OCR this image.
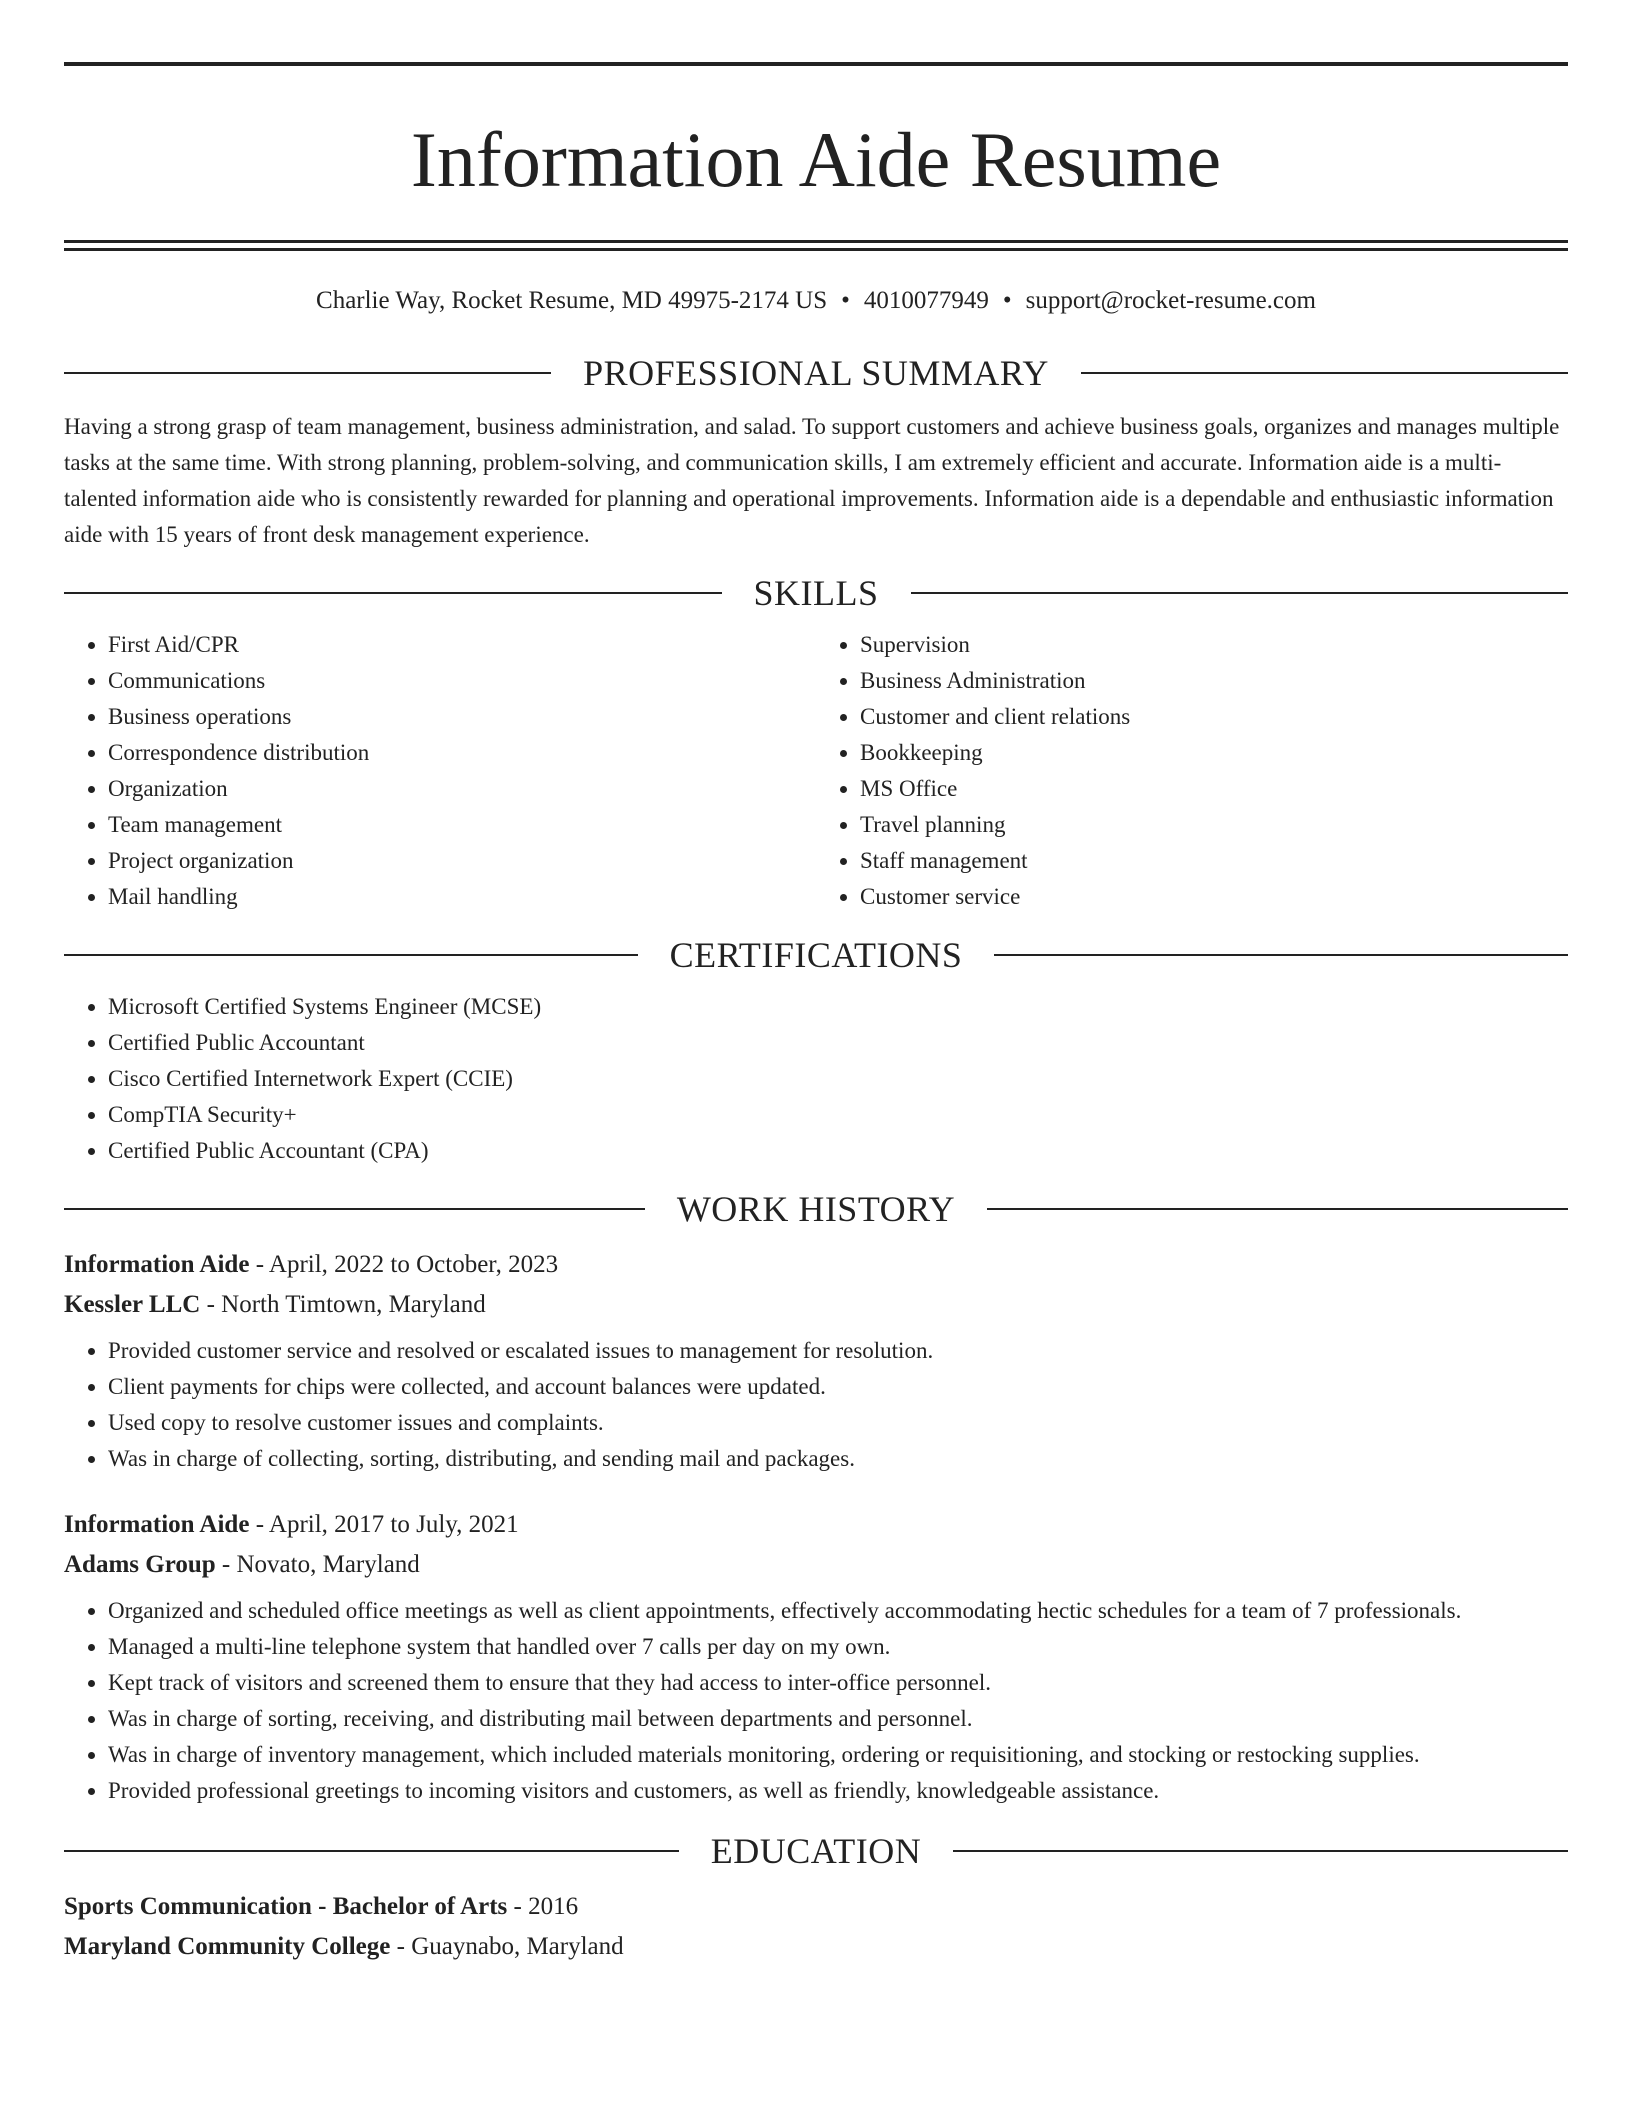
Information Aide Resume
Charlie Way, Rocket Resume, MD 49975-2174 US • 4010077949 • support@rocket-resume.com
PROFESSIONAL SUMMARY

Having a strong grasp of team management, business administration, and salad. To support customers and achieve business goals, organizes and manages multiple tasks at the same time. With strong planning, problem-solving, and communication skills, I am extremely efficient and accurate. Information aide is a multi-talented information aide who is consistently rewarded for planning and operational improvements. Information aide is a dependable and enthusiastic information aide with 15 years of front desk management experience.

SKILLS
• First Aid/CPR
• Communications
• Business operations
• Correspondence distribution
• Organization
• Team management
• Project organization
• Mail handling
• Supervision
• Business Administration
• Customer and client relations
• Bookkeeping
• MS Office
• Travel planning
• Staff management
• Customer service
CERTIFICATIONS
• Microsoft Certified Systems Engineer (MCSE)
• Certified Public Accountant
• Cisco Certified Internetwork Expert (CCIE)
• CompTIA Security+
• Certified Public Accountant (CPA)
WORK HISTORY
Information Aide - April, 2022 to October, 2023
Kessler LLC - North Timtown, Maryland
• Provided customer service and resolved or escalated issues to management for resolution.
• Client payments for chips were collected, and account balances were updated.
• Used copy to resolve customer issues and complaints.
• Was in charge of collecting, sorting, distributing, and sending mail and packages.
Information Aide - April, 2017 to July, 2021
Adams Group - Novato, Maryland
• Organized and scheduled office meetings as well as client appointments, effectively accommodating hectic schedules for a team of 7 professionals.
• Managed a multi-line telephone system that handled over 7 calls per day on my own.
• Kept track of visitors and screened them to ensure that they had access to inter-office personnel.
• Was in charge of sorting, receiving, and distributing mail between departments and personnel.
• Was in charge of inventory management, which included materials monitoring, ordering or requisitioning, and stocking or restocking supplies.
• Provided professional greetings to incoming visitors and customers, as well as friendly, knowledgeable assistance.
EDUCATION
Sports Communication - Bachelor of Arts - 2016
Maryland Community College - Guaynabo, Maryland
